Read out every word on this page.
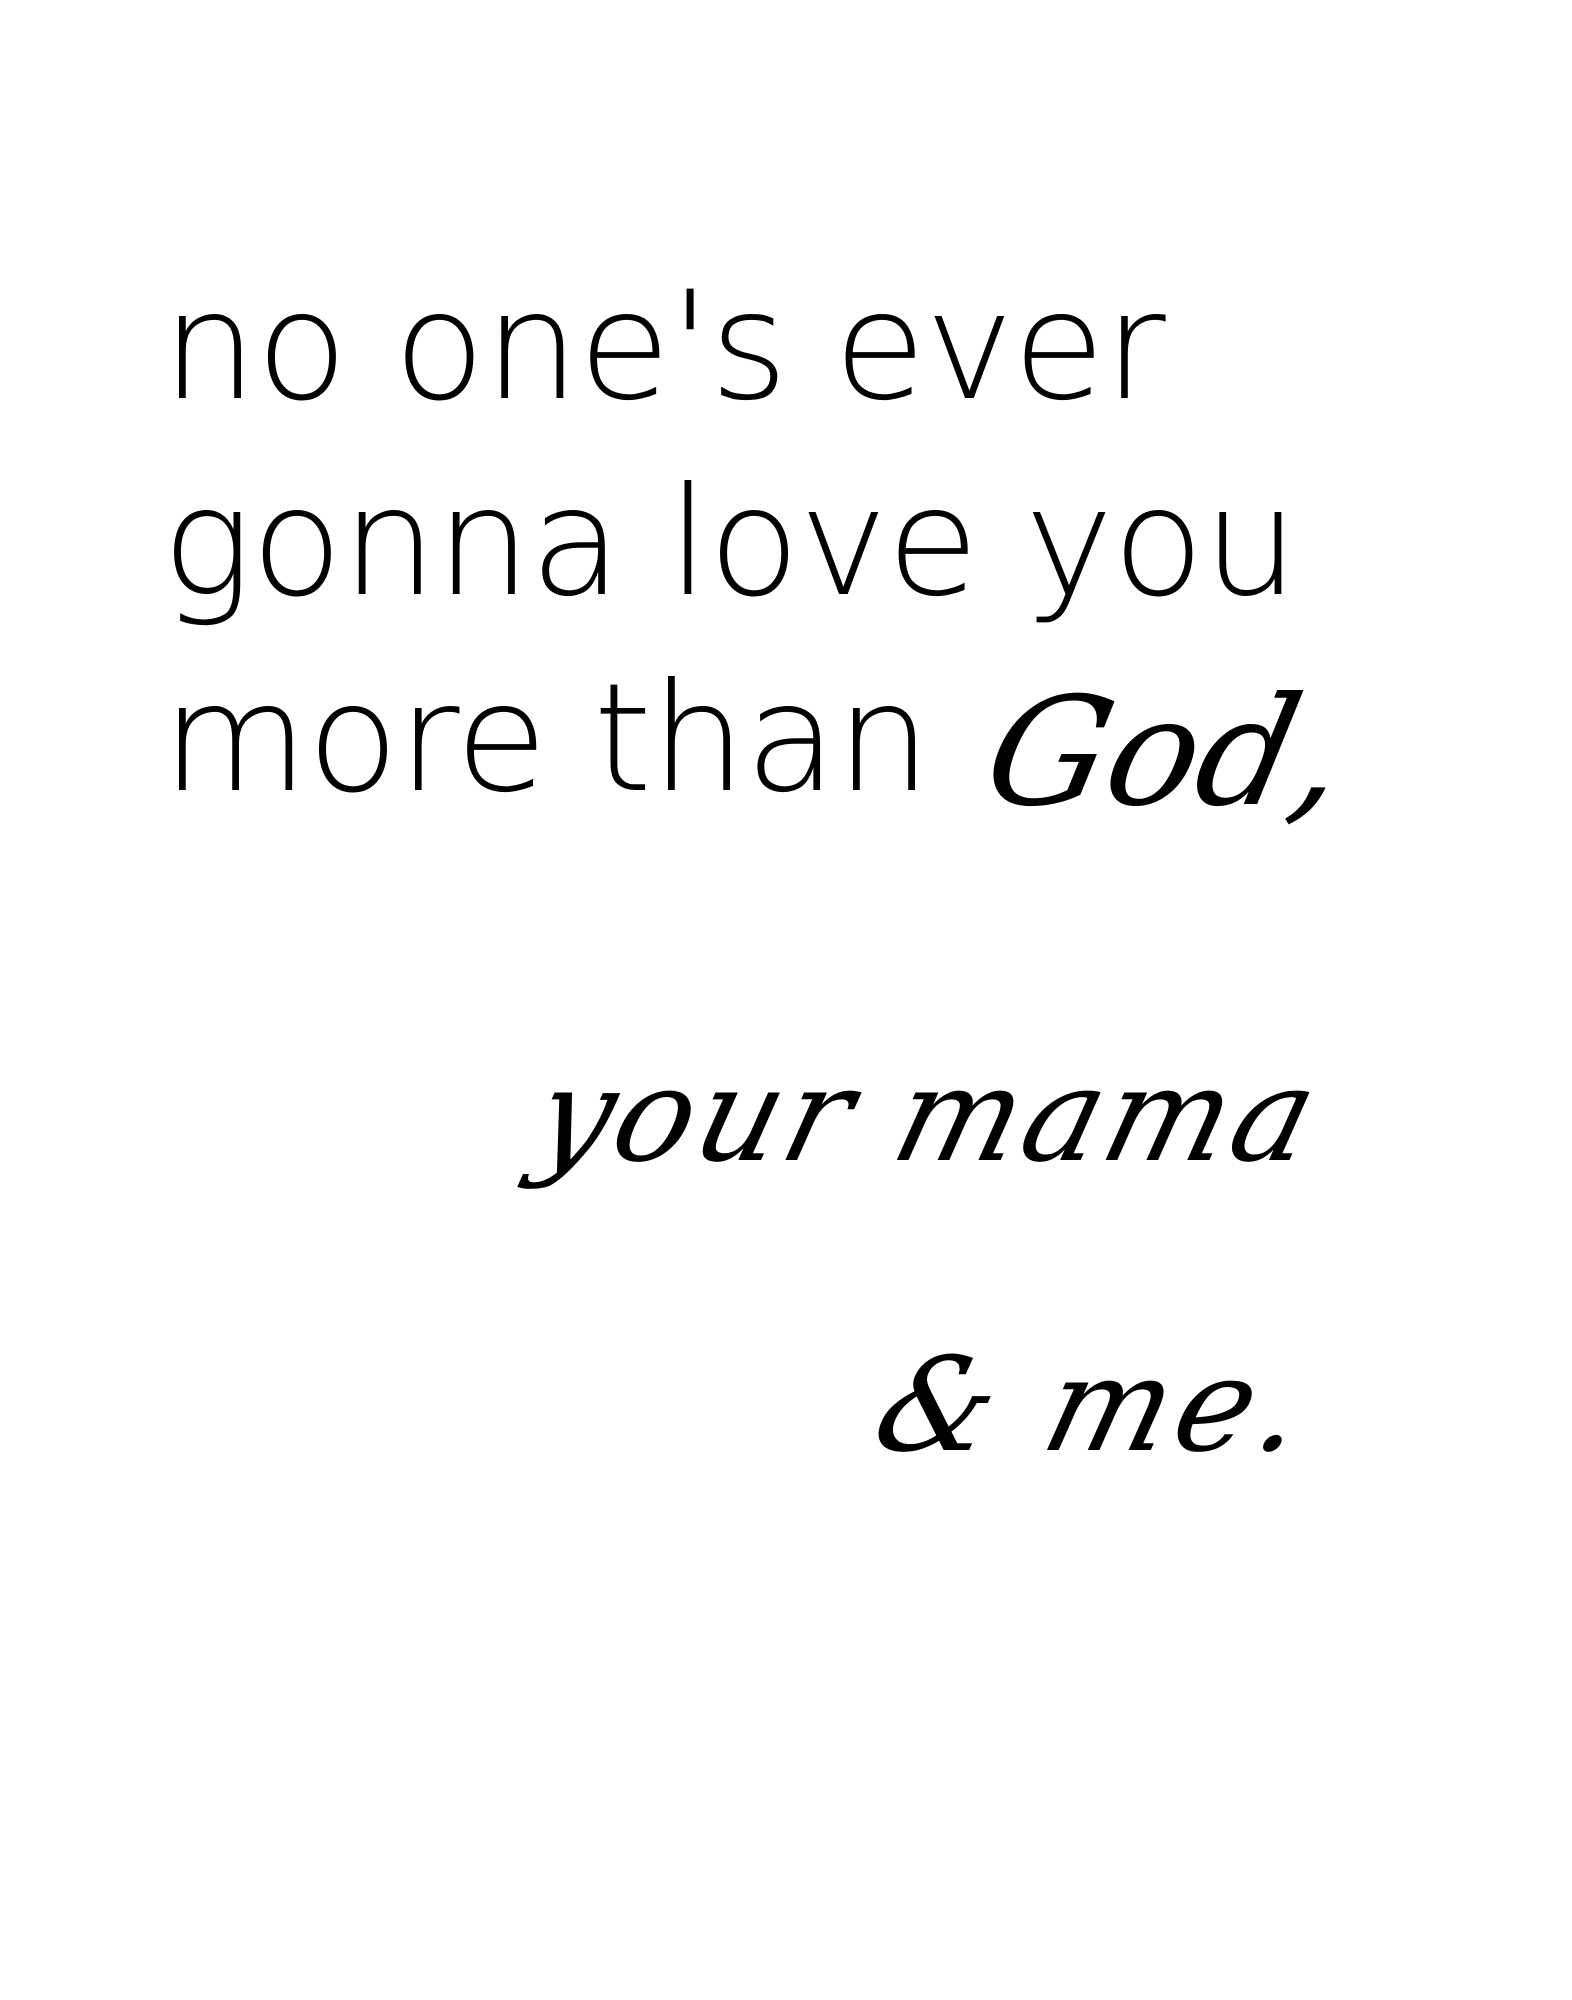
no one's ever

gonna love you

more than God,

your mama

& me.
